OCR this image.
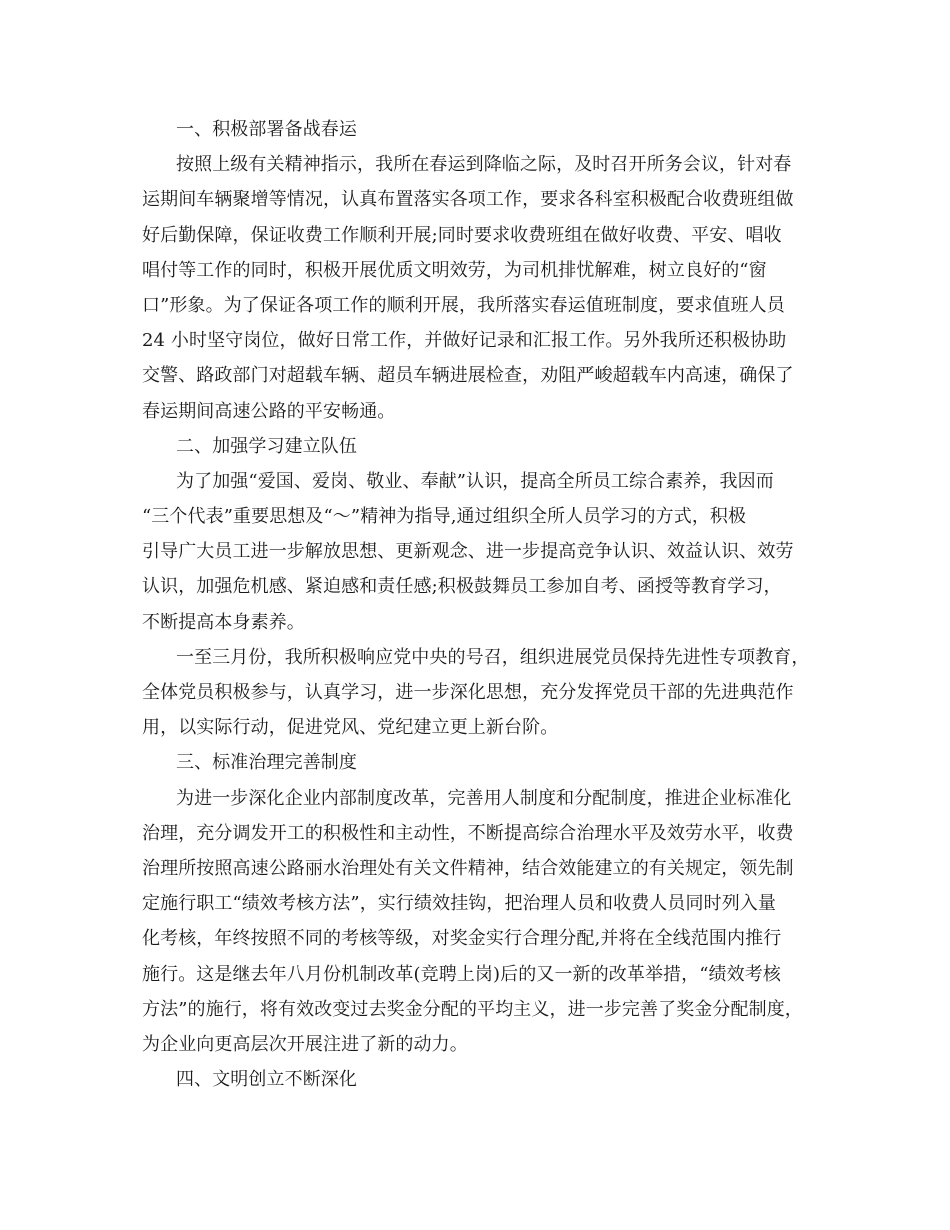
一、积极部署备战春运
按照上级有关精神指示，我所在春运到降临之际，及时召开所务会议，针对春
运期间车辆聚增等情况，认真布置落实各项工作，要求各科室积极配合收费班组做
好后勤保障，保证收费工作顺利开展;同时要求收费班组在做好收费、平安、唱收
唱付等工作的同时，积极开展优质文明效劳，为司机排忧解难，树立良好的“窗
口”形象。为了保证各项工作的顺利开展，我所落实春运值班制度，要求值班人员
24 小时坚守岗位，做好日常工作，并做好记录和汇报工作。另外我所还积极协助
交警、路政部门对超载车辆、超员车辆进展检查，劝阻严峻超载车内高速，确保了
春运期间高速公路的平安畅通。
二、加强学习建立队伍
为了加强“爱国、爱岗、敬业、奉献”认识，提高全所员工综合素养，我因而
“三个代表”重要思想及“～”精神为指导,通过组织全所人员学习的方式，积极
引导广大员工进一步解放思想、更新观念、进一步提高竞争认识、效益认识、效劳
认识，加强危机感、紧迫感和责任感;积极鼓舞员工参加自考、函授等教育学习，
不断提高本身素养。
一至三月份，我所积极响应党中央的号召，组织进展党员保持先进性专项教育，
全体党员积极参与，认真学习，进一步深化思想，充分发挥党员干部的先进典范作
用，以实际行动，促进党风、党纪建立更上新台阶。
三、标准治理完善制度
为进一步深化企业内部制度改革，完善用人制度和分配制度，推进企业标准化
治理，充分调发开工的积极性和主动性，不断提高综合治理水平及效劳水平，收费
治理所按照高速公路丽水治理处有关文件精神，结合效能建立的有关规定，领先制
定施行职工“绩效考核方法”，实行绩效挂钩，把治理人员和收费人员同时列入量
化考核，年终按照不同的考核等级，对奖金实行合理分配,并将在全线范围内推行
施行。这是继去年八月份机制改革(竞聘上岗)后的又一新的改革举措，“绩效考核
方法”的施行，将有效改变过去奖金分配的平均主义，进一步完善了奖金分配制度，
为企业向更高层次开展注进了新的动力。
四、文明创立不断深化
